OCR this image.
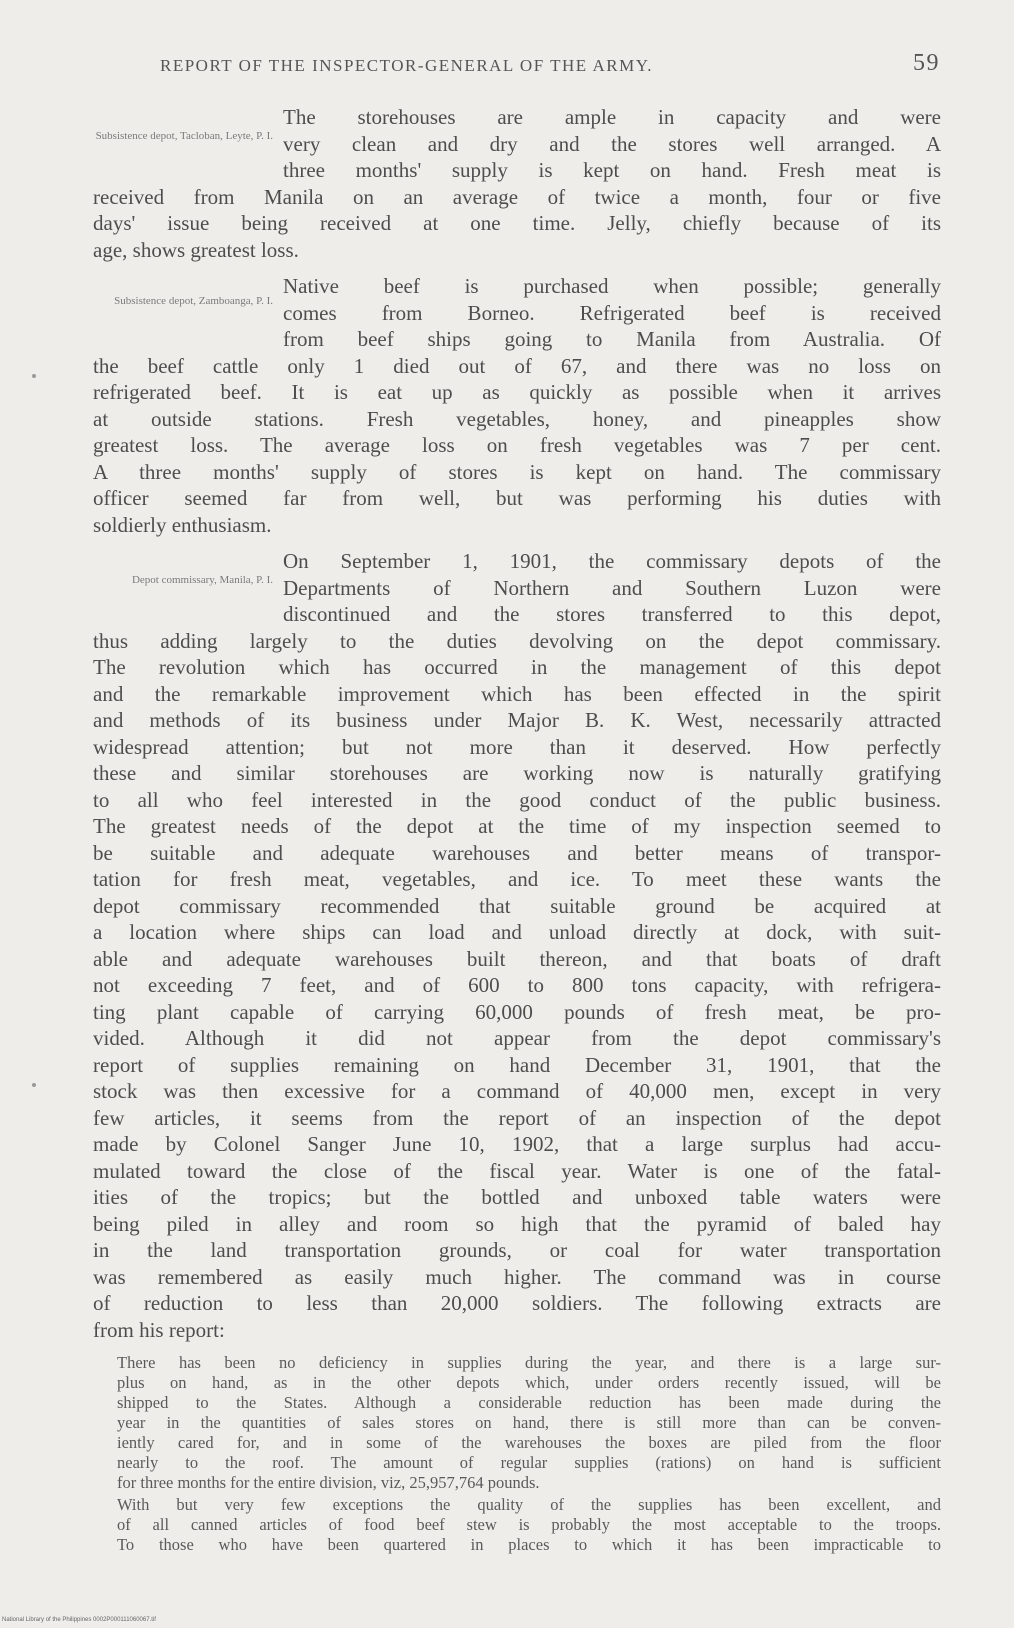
REPORT OF THE INSPECTOR-GENERAL OF THE ARMY.	59
Subsistence depot, Tacloban, Leyte, P. I.

The storehouses are ample in capacity and were

very clean and dry and the stores well arranged. A

three months' supply is kept on hand. Fresh meat is

received from Manila on an average of twice a month, four or five

days' issue being received at one time. Jelly, chiefly because of its

age, shows greatest loss.

Subsistence depot, Zamboanga, P. I.

Native beef is purchased when possible; generally

comes from Borneo. Refrigerated beef is received

from beef ships going to Manila from Australia. Of

the beef cattle only 1 died out of 67, and there was no loss on

refrigerated beef. It is eat up as quickly as possible when it arrives

at outside stations. Fresh vegetables, honey, and pineapples show

greatest loss. The average loss on fresh vegetables was 7 per cent.

A three months' supply of stores is kept on hand. The commissary

officer seemed far from well, but was performing his duties with

soldierly enthusiasm.

Depot commissary, Manila, P. I.

On September 1, 1901, the commissary depots of the

Departments of Northern and Southern Luzon were

discontinued and the stores transferred to this depot,

thus adding largely to the duties devolving on the depot commissary.

The revolution which has occurred in the management of this depot

and the remarkable improvement which has been effected in the spirit

and methods of its business under Major B. K. West, necessarily attracted

widespread attention; but not more than it deserved. How perfectly

these and similar storehouses are working now is naturally gratifying

to all who feel interested in the good conduct of the public business.

The greatest needs of the depot at the time of my inspection seemed to

be suitable and adequate warehouses and better means of transpor-

tation for fresh meat, vegetables, and ice. To meet these wants the

depot commissary recommended that suitable ground be acquired at

a location where ships can load and unload directly at dock, with suit-

able and adequate warehouses built thereon, and that boats of draft

not exceeding 7 feet, and of 600 to 800 tons capacity, with refrigera-

ting plant capable of carrying 60,000 pounds of fresh meat, be pro-

vided. Although it did not appear from the depot commissary's

report of supplies remaining on hand December 31, 1901, that the

stock was then excessive for a command of 40,000 men, except in very

few articles, it seems from the report of an inspection of the depot

made by Colonel Sanger June 10, 1902, that a large surplus had accu-

mulated toward the close of the fiscal year. Water is one of the fatal-

ities of the tropics; but the bottled and unboxed table waters were

being piled in alley and room so high that the pyramid of baled hay

in the land transportation grounds, or coal for water transportation

was remembered as easily much higher. The command was in course

of reduction to less than 20,000 soldiers. The following extracts are

from his report:

There has been no deficiency in supplies during the year, and there is a large sur-

plus on hand, as in the other depots which, under orders recently issued, will be

shipped to the States. Although a considerable reduction has been made during the

year in the quantities of sales stores on hand, there is still more than can be conven-

iently cared for, and in some of the warehouses the boxes are piled from the floor

nearly to the roof. The amount of regular supplies (rations) on hand is sufficient

for three months for the entire division, viz, 25,957,764 pounds.

With but very few exceptions the quality of the supplies has been excellent, and

of all canned articles of food beef stew is probably the most acceptable to the troops.

To those who have been quartered in places to which it has been impracticable to

National Library of the Philippines 0002P000111060067.tif
